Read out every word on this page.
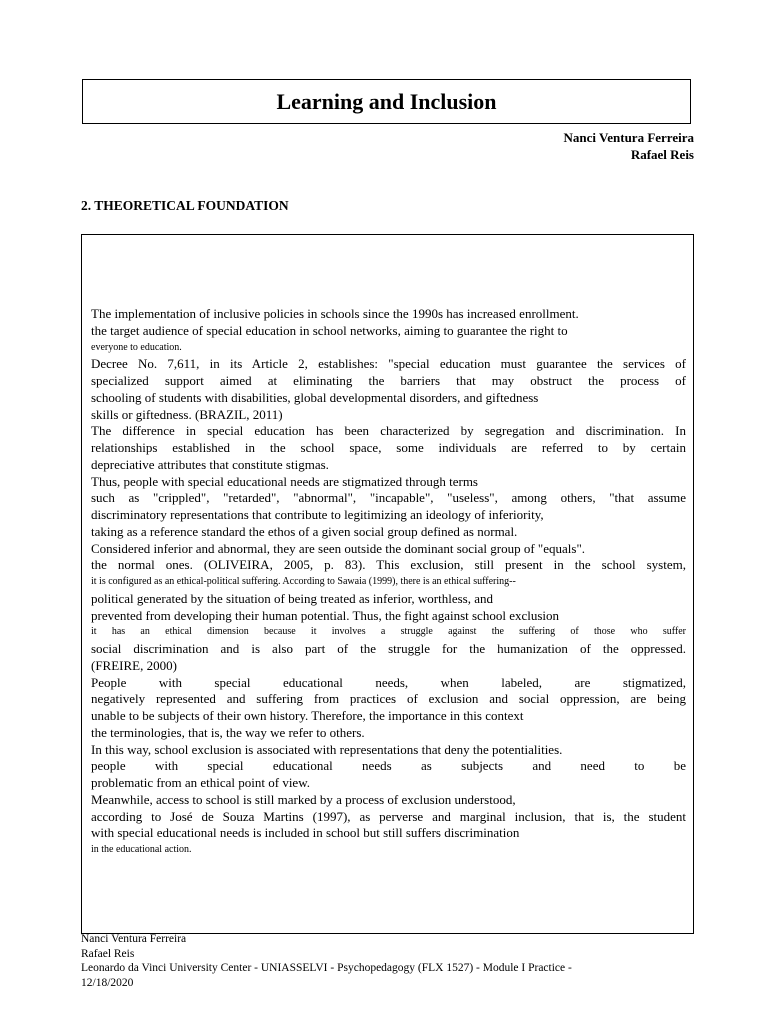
Learning and Inclusion
Nanci Ventura Ferreira
Rafael Reis
2. THEORETICAL FOUNDATION
The implementation of inclusive policies in schools since the 1990s has increased enrollment.
the target audience of special education in school networks, aiming to guarantee the right to
everyone to education.
Decree No. 7,611, in its Article 2, establishes: "special education must guarantee the services of
specialized support aimed at eliminating the barriers that may obstruct the process of
schooling of students with disabilities, global developmental disorders, and giftedness
skills or giftedness. (BRAZIL, 2011)
The difference in special education has been characterized by segregation and discrimination. In
relationships established in the school space, some individuals are referred to by certain
depreciative attributes that constitute stigmas.
Thus, people with special educational needs are stigmatized through terms
such as "crippled", "retarded", "abnormal", "incapable", "useless", among others, "that assume
discriminatory representations that contribute to legitimizing an ideology of inferiority,
taking as a reference standard the ethos of a given social group defined as normal.
Considered inferior and abnormal, they are seen outside the dominant social group of "equals".
the normal ones. (OLIVEIRA, 2005, p. 83). This exclusion, still present in the school system,
it is configured as an ethical-political suffering. According to Sawaia (1999), there is an ethical suffering--
political generated by the situation of being treated as inferior, worthless, and
prevented from developing their human potential. Thus, the fight against school exclusion
it has an ethical dimension because it involves a struggle against the suffering of those who suffer
social discrimination and is also part of the struggle for the humanization of the oppressed.
(FREIRE, 2000)
People with special educational needs, when labeled, are stigmatized,
negatively represented and suffering from practices of exclusion and social oppression, are being
unable to be subjects of their own history. Therefore, the importance in this context
the terminologies, that is, the way we refer to others.
In this way, school exclusion is associated with representations that deny the potentialities.
people with special educational needs as subjects and need to be
problematic from an ethical point of view.
Meanwhile, access to school is still marked by a process of exclusion understood,
according to José de Souza Martins (1997), as perverse and marginal inclusion, that is, the student
with special educational needs is included in school but still suffers discrimination
in the educational action.
Nanci Ventura Ferreira
Rafael Reis
Leonardo da Vinci University Center - UNIASSELVI - Psychopedagogy (FLX 1527) - Module I Practice -
12/18/2020
